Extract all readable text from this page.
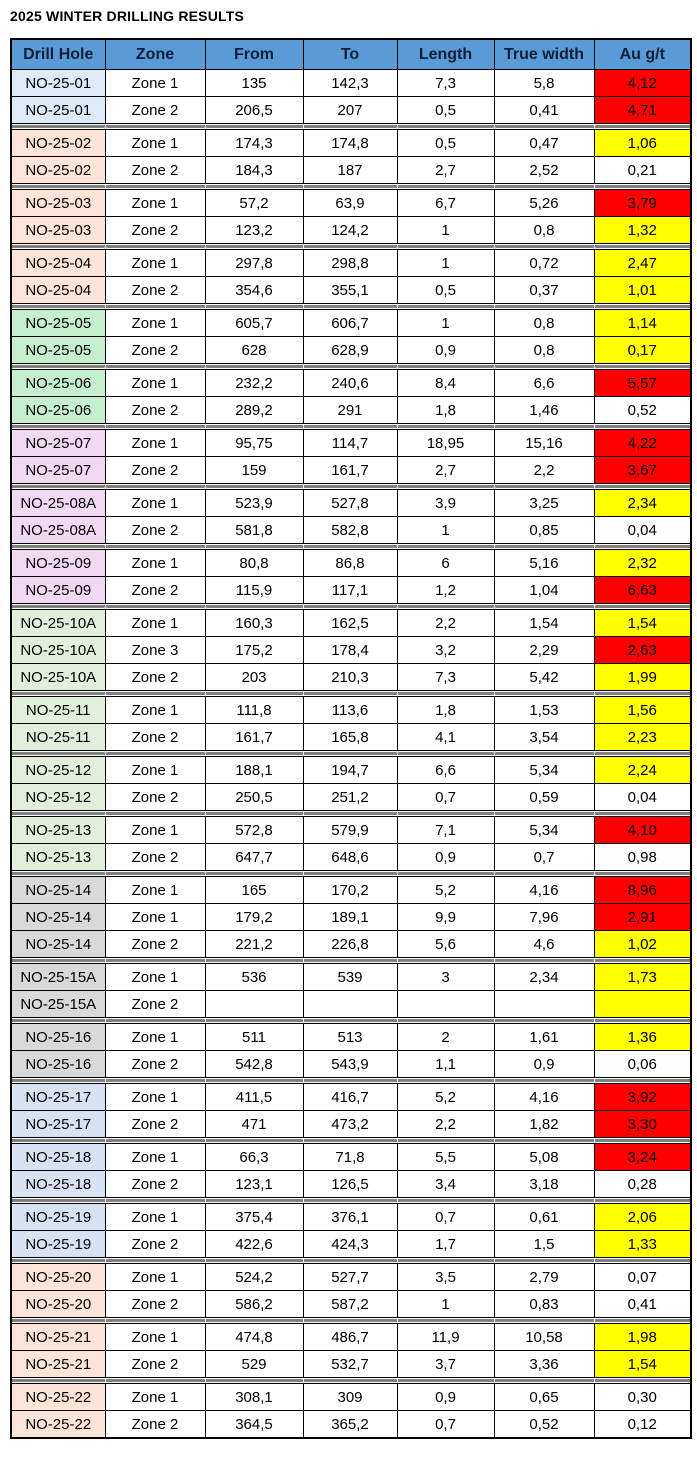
2025 WINTER DRILLING RESULTS
Drill Hole	Zone	From	To	Length	True width	Au g/t
NO-25-01	Zone 1	135	142,3	7,3	5,8	4,12
NO-25-01	Zone 2	206,5	207	0,5	0,41	4,71

NO-25-02	Zone 1	174,3	174,8	0,5	0,47	1,06
NO-25-02	Zone 2	184,3	187	2,7	2,52	0,21

NO-25-03	Zone 1	57,2	63,9	6,7	5,26	3,79
NO-25-03	Zone 2	123,2	124,2	1	0,8	1,32

NO-25-04	Zone 1	297,8	298,8	1	0,72	2,47
NO-25-04	Zone 2	354,6	355,1	0,5	0,37	1,01

NO-25-05	Zone 1	605,7	606,7	1	0,8	1,14
NO-25-05	Zone 2	628	628,9	0,9	0,8	0,17

NO-25-06	Zone 1	232,2	240,6	8,4	6,6	5,57
NO-25-06	Zone 2	289,2	291	1,8	1,46	0,52

NO-25-07	Zone 1	95,75	114,7	18,95	15,16	4,22
NO-25-07	Zone 2	159	161,7	2,7	2,2	3,67

NO-25-08A	Zone 1	523,9	527,8	3,9	3,25	2,34
NO-25-08A	Zone 2	581,8	582,8	1	0,85	0,04

NO-25-09	Zone 1	80,8	86,8	6	5,16	2,32
NO-25-09	Zone 2	115,9	117,1	1,2	1,04	6,63

NO-25-10A	Zone 1	160,3	162,5	2,2	1,54	1,54
NO-25-10A	Zone 3	175,2	178,4	3,2	2,29	2,63
NO-25-10A	Zone 2	203	210,3	7,3	5,42	1,99

NO-25-11	Zone 1	111,8	113,6	1,8	1,53	1,56
NO-25-11	Zone 2	161,7	165,8	4,1	3,54	2,23

NO-25-12	Zone 1	188,1	194,7	6,6	5,34	2,24
NO-25-12	Zone 2	250,5	251,2	0,7	0,59	0,04

NO-25-13	Zone 1	572,8	579,9	7,1	5,34	4,10
NO-25-13	Zone 2	647,7	648,6	0,9	0,7	0,98

NO-25-14	Zone 1	165	170,2	5,2	4,16	8,96
NO-25-14	Zone 1	179,2	189,1	9,9	7,96	2,91
NO-25-14	Zone 2	221,2	226,8	5,6	4,6	1,02

NO-25-15A	Zone 1	536	539	3	2,34	1,73
NO-25-15A	Zone 2					

NO-25-16	Zone 1	511	513	2	1,61	1,36
NO-25-16	Zone 2	542,8	543,9	1,1	0,9	0,06

NO-25-17	Zone 1	411,5	416,7	5,2	4,16	3,92
NO-25-17	Zone 2	471	473,2	2,2	1,82	3,30

NO-25-18	Zone 1	66,3	71,8	5,5	5,08	3,24
NO-25-18	Zone 2	123,1	126,5	3,4	3,18	0,28

NO-25-19	Zone 1	375,4	376,1	0,7	0,61	2,06
NO-25-19	Zone 2	422,6	424,3	1,7	1,5	1,33

NO-25-20	Zone 1	524,2	527,7	3,5	2,79	0,07
NO-25-20	Zone 2	586,2	587,2	1	0,83	0,41

NO-25-21	Zone 1	474,8	486,7	11,9	10,58	1,98
NO-25-21	Zone 2	529	532,7	3,7	3,36	1,54

NO-25-22	Zone 1	308,1	309	0,9	0,65	0,30
NO-25-22	Zone 2	364,5	365,2	0,7	0,52	0,12
